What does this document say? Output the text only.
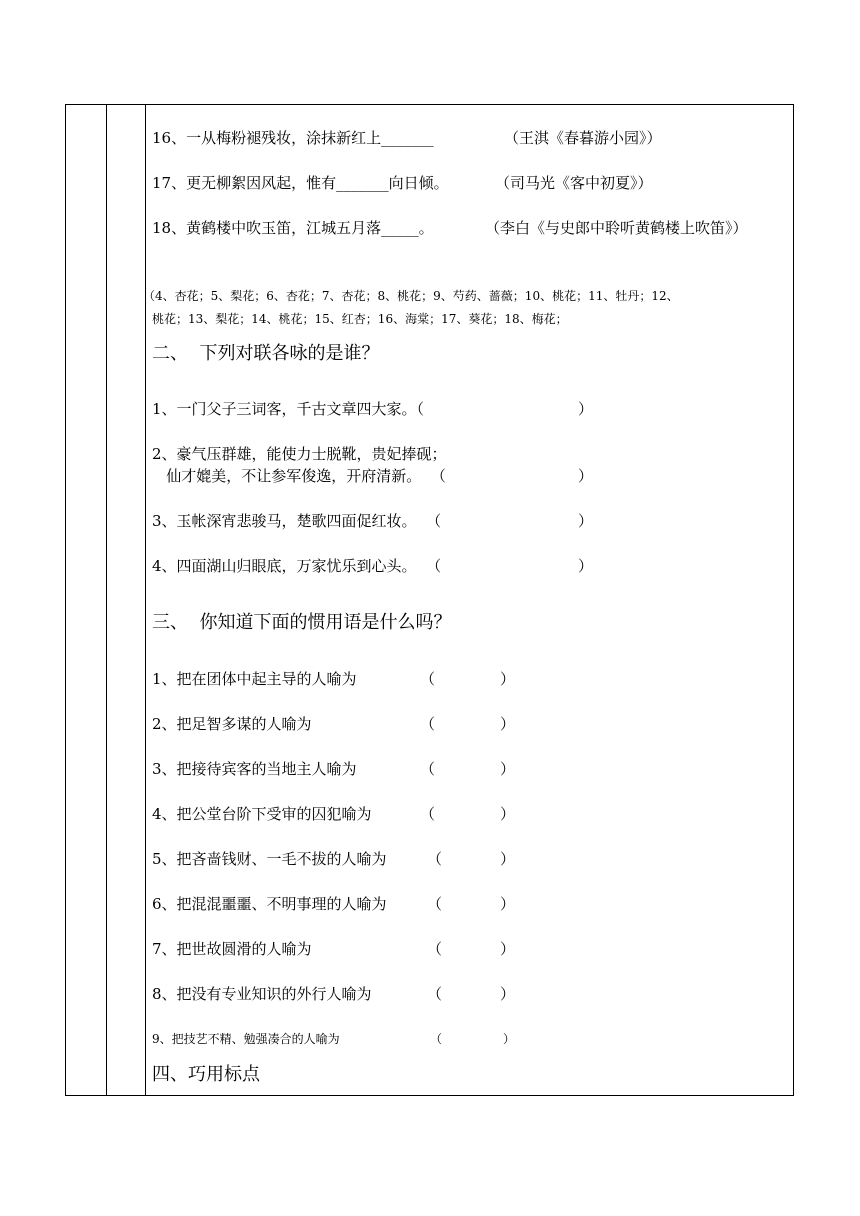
16、一从梅粉褪残妆，涂抹新红上_______	（王淇《春暮游小园》）
17、更无柳絮因风起，惟有_______向日倾。	（司马光《客中初夏》）
18、黄鹤楼中吹玉笛，江城五月落_____。	（李白《与史郎中聆听黄鹤楼上吹笛》）
（4、杏花；5、梨花；6、杏花；7、杏花；8、桃花；9、芍药、蔷薇；10、桃花；11、牡丹；12、
桃花；13、梨花；14、桃花；15、红杏；16、海棠；17、葵花；18、梅花；
二、  下列对联各咏的是谁？
1、一门父子三词客，千古文章四大家。（	）
2、豪气压群雄，能使力士脱靴，贵妃捧砚；
仙才媲美，不让参军俊逸，开府清新。  （	）
3、玉帐深宵悲骏马，楚歌四面促红妆。  （	）
4、四面湖山归眼底，万家忧乐到心头。  （	）
三、  你知道下面的惯用语是什么吗？
1、把在团体中起主导的人喻为	（	）
2、把足智多谋的人喻为	（	）
3、把接待宾客的当地主人喻为	（	）
4、把公堂台阶下受审的囚犯喻为	（	）
5、把吝啬钱财、一毛不拔的人喻为	（	）
6、把混混噩噩、不明事理的人喻为	（	）
7、把世故圆滑的人喻为	（	）
8、把没有专业知识的外行人喻为	（	）
9、把技艺不精、勉强凑合的人喻为	（	）
四、巧用标点
